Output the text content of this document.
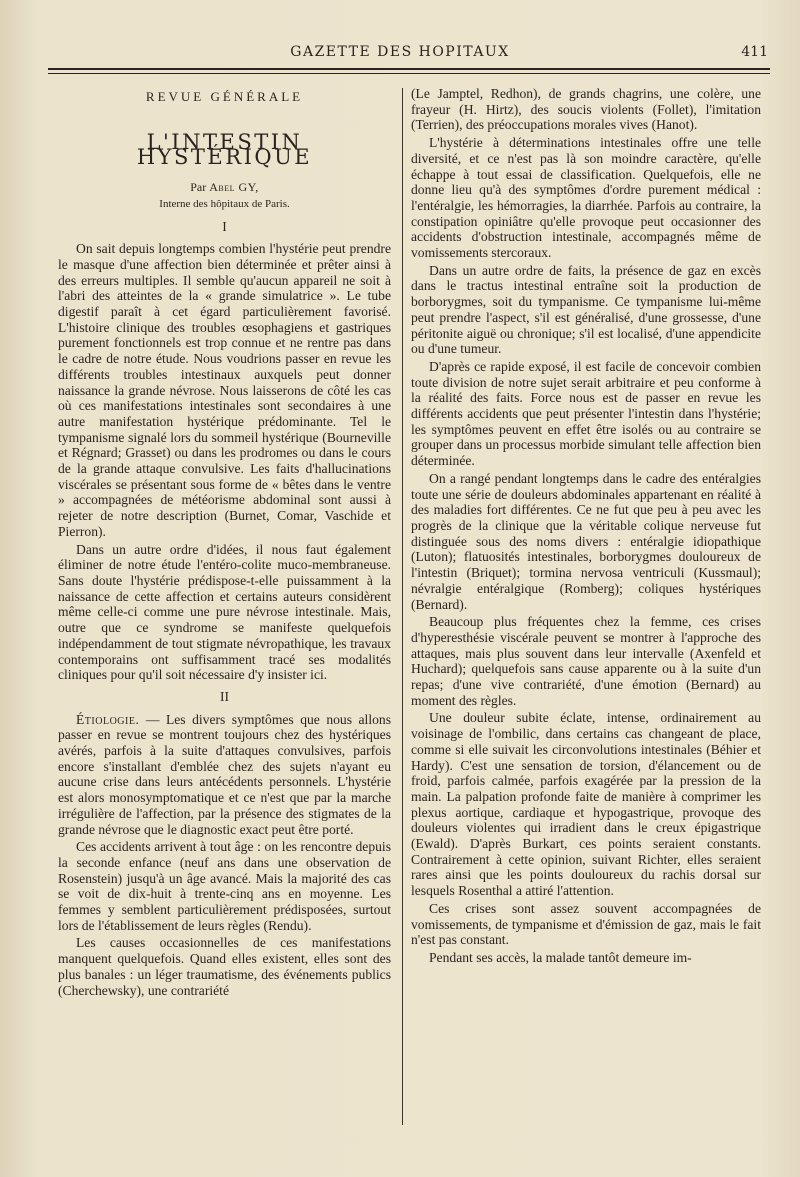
GAZETTE DES HOPITAUX	411
REVUE GÉNÉRALE
L'INTESTIN HYSTÉRIQUE
Par Abel GY,
Interne des hôpitaux de Paris.
I

On sait depuis longtemps combien l'hystérie peut prendre le masque d'une affection bien déterminée et prêter ainsi à des erreurs multiples. Il semble qu'aucun appareil ne soit à l'abri des atteintes de la « grande simulatrice ». Le tube digestif paraît à cet égard particulièrement favorisé. L'histoire clinique des troubles œsophagiens et gastriques purement fonctionnels est trop connue et ne rentre pas dans le cadre de notre étude. Nous voudrions passer en revue les différents troubles intestinaux auxquels peut donner naissance la grande névrose. Nous laisserons de côté les cas où ces manifestations intestinales sont secondaires à une autre manifestation hystérique prédominante. Tel le tympanisme signalé lors du sommeil hystérique (Bourneville et Régnard; Grasset) ou dans les prodromes ou dans le cours de la grande attaque convulsive. Les faits d'hallucinations viscérales se présentant sous forme de « bêtes dans le ventre » accompagnées de météorisme abdominal sont aussi à rejeter de notre description (Burnet, Comar, Vaschide et Pierron).

Dans un autre ordre d'idées, il nous faut également éliminer de notre étude l'entéro-colite muco-membraneuse. Sans doute l'hystérie prédispose-t-elle puissamment à la naissance de cette affection et certains auteurs considèrent même celle-ci comme une pure névrose intestinale. Mais, outre que ce syndrome se manifeste quelquefois indépendamment de tout stigmate névropathique, les travaux contemporains ont suffisamment tracé ses modalités cliniques pour qu'il soit nécessaire d'y insister ici.

II

Étiologie. — Les divers symptômes que nous allons passer en revue se montrent toujours chez des hystériques avérés, parfois à la suite d'attaques convulsives, parfois encore s'installant d'emblée chez des sujets n'ayant eu aucune crise dans leurs antécédents personnels. L'hystérie est alors monosymptomatique et ce n'est que par la marche irrégulière de l'affection, par la présence des stigmates de la grande névrose que le diagnostic exact peut être porté.

Ces accidents arrivent à tout âge : on les rencontre depuis la seconde enfance (neuf ans dans une observation de Rosenstein) jusqu'à un âge avancé. Mais la majorité des cas se voit de dix-huit à trente-cinq ans en moyenne. Les femmes y semblent particulièrement prédisposées, surtout lors de l'établissement de leurs règles (Rendu).

Les causes occasionnelles de ces manifestations manquent quelquefois. Quand elles existent, elles sont des plus banales : un léger traumatisme, des événements publics (Cherchewsky), une contrariété

(Le Jamptel, Redhon), de grands chagrins, une colère, une frayeur (H. Hirtz), des soucis violents (Follet), l'imitation (Terrien), des préoccupations morales vives (Hanot).

L'hystérie à déterminations intestinales offre une telle diversité, et ce n'est pas là son moindre caractère, qu'elle échappe à tout essai de classification. Quelquefois, elle ne donne lieu qu'à des symptômes d'ordre purement médical : l'entéralgie, les hémorragies, la diarrhée. Parfois au contraire, la constipation opiniâtre qu'elle provoque peut occasionner des accidents d'obstruction intestinale, accompagnés même de vomissements stercoraux.

Dans un autre ordre de faits, la présence de gaz en excès dans le tractus intestinal entraîne soit la production de borborygmes, soit du tympanisme. Ce tympanisme lui-même peut prendre l'aspect, s'il est généralisé, d'une grossesse, d'une péritonite aiguë ou chronique; s'il est localisé, d'une appendicite ou d'une tumeur.

D'après ce rapide exposé, il est facile de concevoir combien toute division de notre sujet serait arbitraire et peu conforme à la réalité des faits. Force nous est de passer en revue les différents accidents que peut présenter l'intestin dans l'hystérie; les symptômes peuvent en effet être isolés ou au contraire se grouper dans un processus morbide simulant telle affection bien déterminée.

On a rangé pendant longtemps dans le cadre des entéralgies toute une série de douleurs abdominales appartenant en réalité à des maladies fort différentes. Ce ne fut que peu à peu avec les progrès de la clinique que la véritable colique nerveuse fut distinguée sous des noms divers : entéralgie idiopathique (Luton); flatuosités intestinales, borborygmes douloureux de l'intestin (Briquet); tormina nervosa ventriculi (Kussmaul); névralgie entéralgique (Romberg); coliques hystériques (Bernard).

Beaucoup plus fréquentes chez la femme, ces crises d'hyperesthésie viscérale peuvent se montrer à l'approche des attaques, mais plus souvent dans leur intervalle (Axenfeld et Huchard); quelquefois sans cause apparente ou à la suite d'un repas; d'une vive contrariété, d'une émotion (Bernard) au moment des règles.

Une douleur subite éclate, intense, ordinairement au voisinage de l'ombilic, dans certains cas changeant de place, comme si elle suivait les circonvolutions intestinales (Béhier et Hardy). C'est une sensation de torsion, d'élancement ou de froid, parfois calmée, parfois exagérée par la pression de la main. La palpation profonde faite de manière à comprimer les plexus aortique, cardiaque et hypogastrique, provoque des douleurs violentes qui irradient dans le creux épigastrique (Ewald). D'après Burkart, ces points seraient constants. Contrairement à cette opinion, suivant Richter, elles seraient rares ainsi que les points douloureux du rachis dorsal sur lesquels Rosenthal a attiré l'attention.

Ces crises sont assez souvent accompagnées de vomissements, de tympanisme et d'émission de gaz, mais le fait n'est pas constant.

Pendant ses accès, la malade tantôt demeure im-
